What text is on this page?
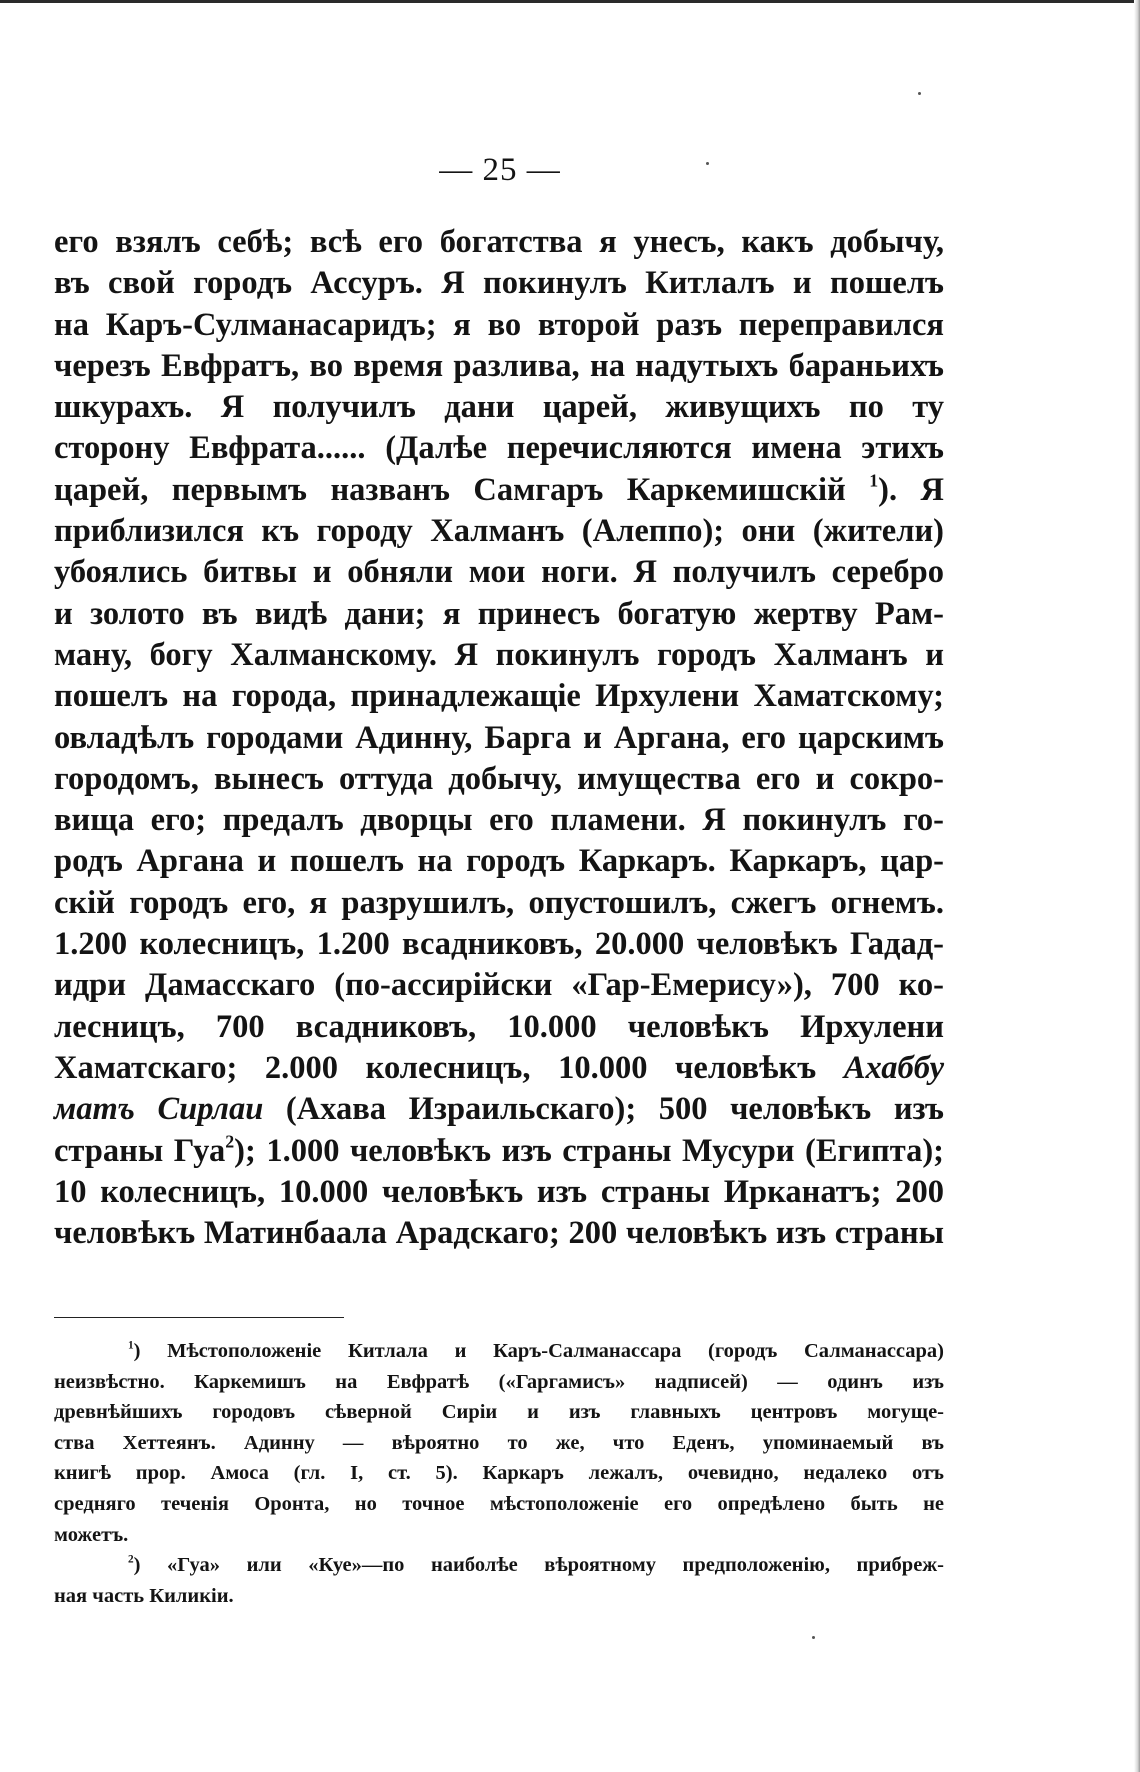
— 25 —
его взялъ себѣ; всѣ его богатства я унесъ, какъ добычу,
въ свой городъ Ассуръ. Я покинулъ Китлалъ и пошелъ
на Каръ-Сулманасаридъ; я во второй разъ переправился
черезъ Евфратъ, во время разлива, на надутыхъ бараньихъ
шкурахъ. Я получилъ дани царей, живущихъ по ту
сторону Евфрата...... (Далѣе перечисляются имена этихъ
царей, первымъ названъ Самгаръ Каркемишскій $^1$). Я
приблизился къ городу Халманъ (Алеппо); они (жители)
убоялись битвы и обняли мои ноги. Я получилъ серебро
и золото въ видѣ дани; я принесъ богатую жертву Рам-
ману, богу Халманскому. Я покинулъ городъ Халманъ и
пошелъ на города, принадлежащіе Ирхулени Хаматскому;
овладѣлъ городами Адинну, Барга и Аргана, его царскимъ
городомъ, вынесъ оттуда добычу, имущества его и сокро-
вища его; предалъ дворцы его пламени. Я покинулъ го-
родъ Аргана и пошелъ на городъ Каркаръ. Каркаръ, цар-
скій городъ его, я разрушилъ, опустошилъ, сжегъ огнемъ.
1.200 колесницъ, 1.200 всадниковъ, 20.000 человѣкъ Гадад-
идри Дамасскаго (по-ассирійски «Гар-Емерису»), 700 ко-
лесницъ, 700 всадниковъ, 10.000 человѣкъ Ирхулени
Хаматскаго; 2.000 колесницъ, 10.000 человѣкъ Ахаббу
матъ Сирлаи (Ахава Израильскаго); 500 человѣкъ изъ
страны Гуа$^2$); 1.000 человѣкъ изъ страны Мусури (Египта);
10 колесницъ, 10.000 человѣкъ изъ страны Ирканатъ; 200
человѣкъ Матинбаала Арадскаго; 200 человѣкъ изъ страны
$^1$) Мѣстоположеніе Китлала и Каръ-Салманассара (городъ Салманассара)
неизвѣстно. Каркемишъ на Евфратѣ («Гаргамисъ» надписей) — одинъ изъ
древнѣйшихъ городовъ сѣверной Сиріи и изъ главныхъ центровъ могуще-
ства Хеттеянъ. Адинну — вѣроятно то же, что Еденъ, упоминаемый въ
книгѣ прор. Амоса (гл. I, ст. 5). Каркаръ лежалъ, очевидно, недалеко отъ
средняго теченія Оронта, но точное мѣстоположеніе его опредѣлено быть не
можетъ.
$^2$) «Гуа» или «Куе»—по наиболѣе вѣроятному предположенію, прибреж-
ная часть Киликіи.
